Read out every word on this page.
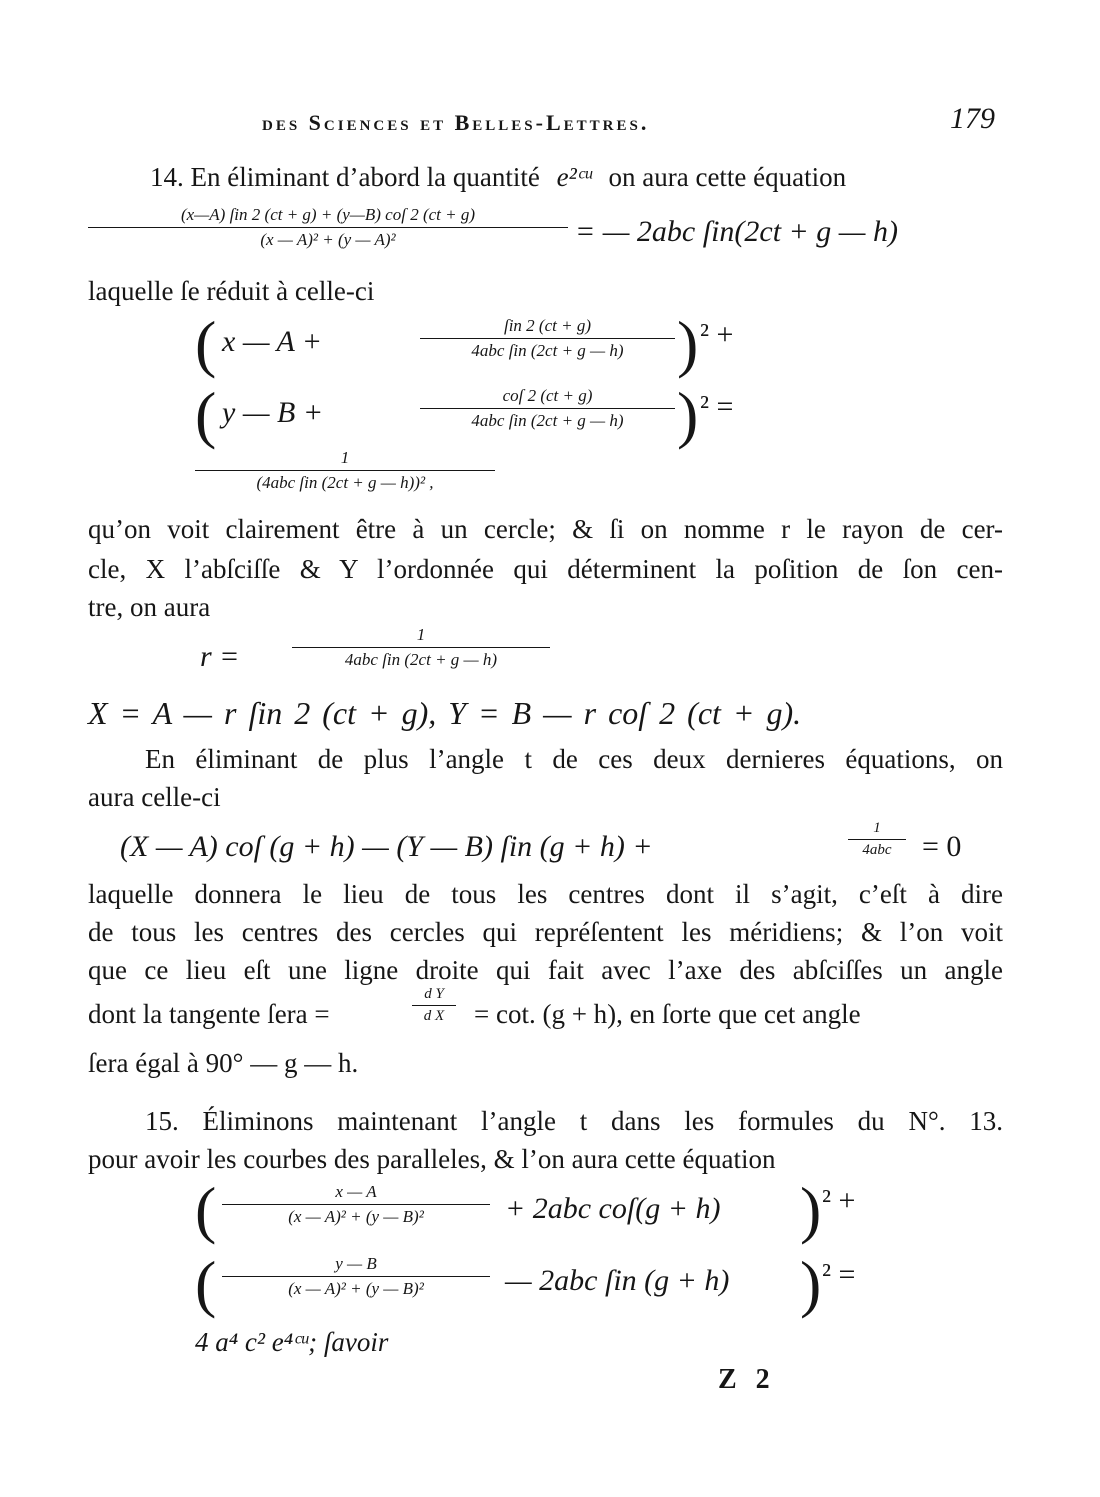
des Sciences et Belles-Lettres.	179
14. En éliminant d’abord la quantité e²ᶜᵘ on aura cette équation
(x—A) ſin 2 (ct + g) + (y—B) coſ 2 (ct + g)
(x — A)² + (y — A)²	= — 2abc ſin(2ct + g — h)
laquelle ſe réduit à celle-ci
( x — A +	ſin 2 (ct + g)
4abc ſin (2ct + g — h) ) ² +
( y — B +
coſ 2 (ct + g)
4abc ſin (2ct + g — h) ) ² =
1
(4abc ſin (2ct + g — h))² ,
qu’on voit clairement être à un cercle; & ſi on nomme r le rayon de cer-
cle, X l’abſciſſe & Y l’ordonnée qui déterminent la poſition de ſon cen-
tre, on aura
r =
1
4abc ſin (2ct + g — h)
X = A — r ſin 2 (ct + g), Y = B — r coſ 2 (ct + g).
En éliminant de plus l’angle t de ces deux dernieres équations, on
aura celle-ci
(X — A) coſ (g + h) — (Y — B) ſin (g + h) +
1
4abc	= 0
laquelle donnera le lieu de tous les centres dont il s’agit, c’eſt à dire
de tous les centres des cercles qui repréſentent les méridiens; & l’on voit
que ce lieu eſt une ligne droite qui fait avec l’axe des abſciſſes un angle
dont la tangente ſera =
d Y
d X	= cot. (g + h), en ſorte que cet angle
ſera égal à 90° — g — h.
15. Éliminons maintenant l’angle t dans les formules du N°. 13.
pour avoir les courbes des paralleles, & l’on aura cette équation
(	x — A
(x — A)² + (y — B)²	+ 2abc coſ(g + h) ) ² +
(	y — B
(x — A)² + (y — B)²	— 2abc ſin (g + h) ) ² =
4 a⁴ c² e⁴ᶜᵘ; ſavoir
Z 2
